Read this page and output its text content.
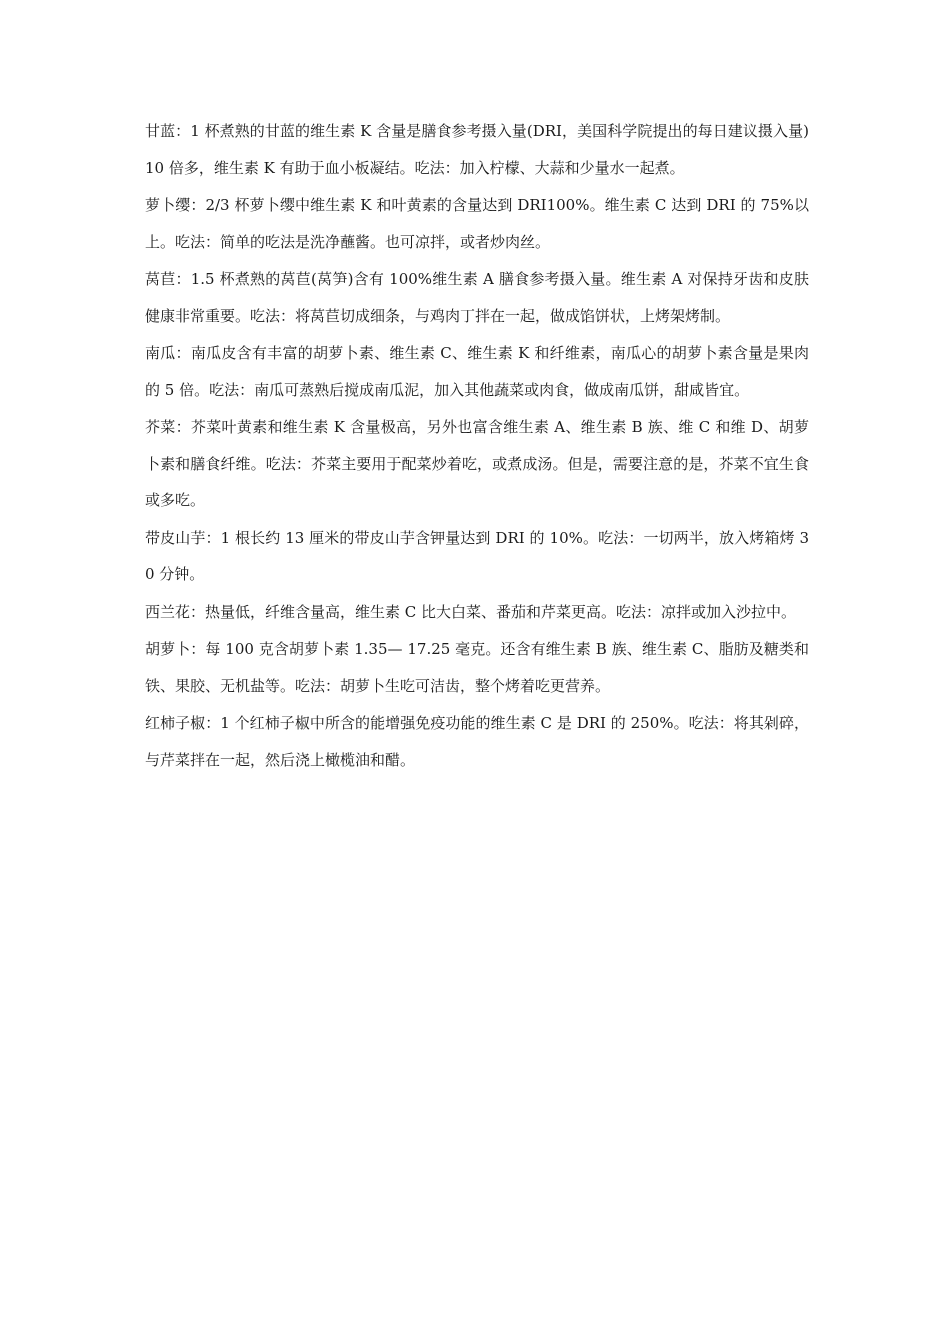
甘蓝：1 杯煮熟的甘蓝的维生素 K 含量是膳食参考摄入量(DRI，美国科学院提出的每日建议摄入量)10 倍多，维生素 K 有助于血小板凝结。吃法：加入柠檬、大蒜和少量水一起煮。

萝卜缨：2/3 杯萝卜缨中维生素 K 和叶黄素的含量达到 DRI100%。维生素 C 达到 DRI 的 75%以上。吃法：简单的吃法是洗净蘸酱。也可凉拌，或者炒肉丝。

莴苣：1.5 杯煮熟的莴苣(莴笋)含有 100%维生素 A 膳食参考摄入量。维生素 A 对保持牙齿和皮肤健康非常重要。吃法：将莴苣切成细条，与鸡肉丁拌在一起，做成馅饼状，上烤架烤制。

南瓜：南瓜皮含有丰富的胡萝卜素、维生素 C、维生素 K 和纤维素，南瓜心的胡萝卜素含量是果肉的 5 倍。吃法：南瓜可蒸熟后搅成南瓜泥，加入其他蔬菜或肉食，做成南瓜饼，甜咸皆宜。

芥菜：芥菜叶黄素和维生素 K 含量极高，另外也富含维生素 A、维生素 B 族、维 C 和维 D、胡萝卜素和膳食纤维。吃法：芥菜主要用于配菜炒着吃，或煮成汤。但是，需要注意的是，芥菜不宜生食或多吃。

带皮山芋：1 根长约 13 厘米的带皮山芋含钾量达到 DRI 的 10%。吃法：一切两半，放入烤箱烤 30 分钟。

西兰花：热量低，纤维含量高，维生素 C 比大白菜、番茄和芹菜更高。吃法：凉拌或加入沙拉中。

胡萝卜：每 100 克含胡萝卜素 1.35— 17.25 毫克。还含有维生素 B 族、维生素 C、脂肪及糖类和铁、果胶、无机盐等。吃法：胡萝卜生吃可洁齿，整个烤着吃更营养。

红柿子椒：1 个红柿子椒中所含的能增强免疫功能的维生素 C 是 DRI 的 250%。吃法：将其剁碎，与芹菜拌在一起，然后浇上橄榄油和醋。
